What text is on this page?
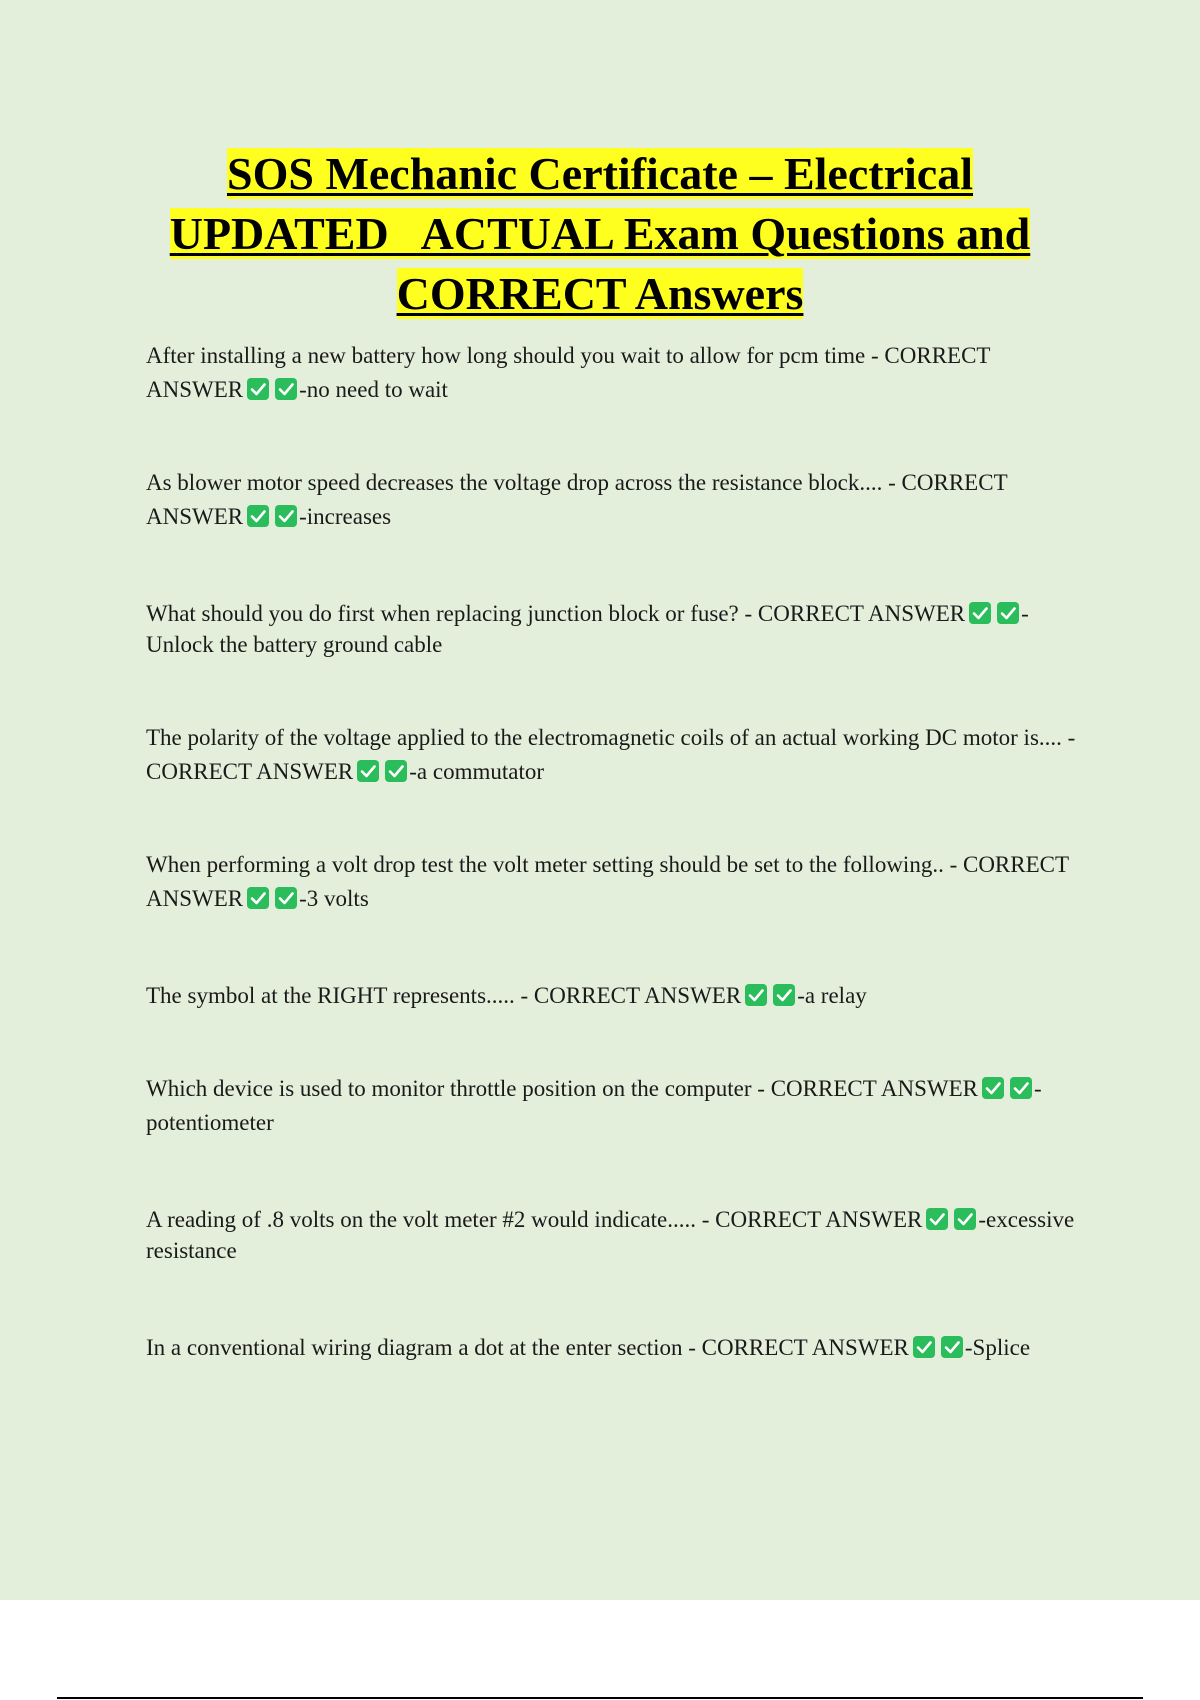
SOS Mechanic Certificate – Electrical
UPDATED   ACTUAL Exam Questions and
CORRECT Answers
After installing a new battery how long should you wait to allow for pcm time - CORRECT ANSWER -no need to wait
As blower motor speed decreases the voltage drop across the resistance block.... - CORRECT ANSWER -increases
What should you do first when replacing junction block or fuse? - CORRECT ANSWER -Unlock the battery ground cable
The polarity of the voltage applied to the electromagnetic coils of an actual working DC motor is.... - CORRECT ANSWER -a commutator
When performing a volt drop test the volt meter setting should be set to the following.. - CORRECT ANSWER -3 volts
The symbol at the RIGHT represents..... - CORRECT ANSWER -a relay
Which device is used to monitor throttle position on the computer - CORRECT ANSWER -potentiometer
A reading of .8 volts on the volt meter #2 would indicate..... - CORRECT ANSWER -excessive resistance
In a conventional wiring diagram a dot at the enter section - CORRECT ANSWER -Splice
